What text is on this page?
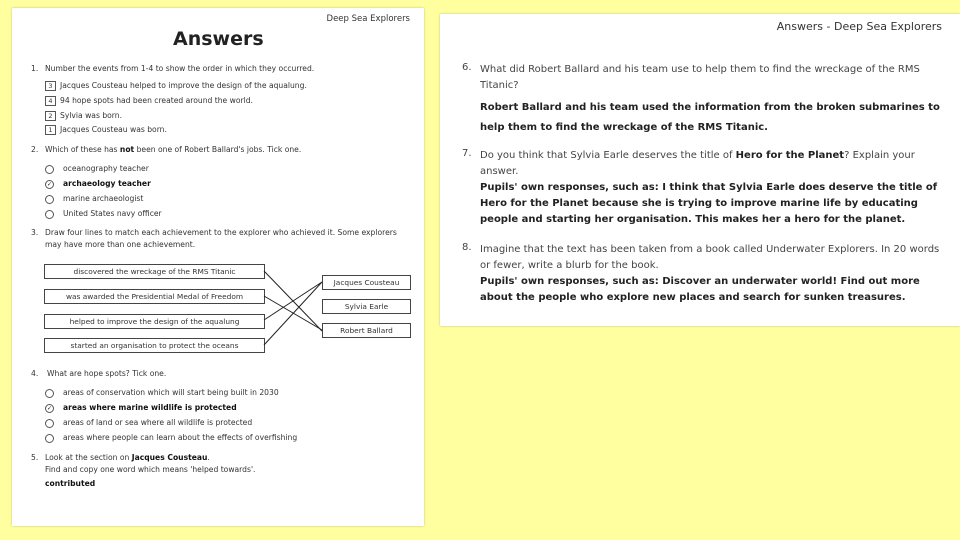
Deep Sea Explorers
Answers
1. Number the events from 1-4 to show the order in which they occurred.
3 Jacques Cousteau helped to improve the design of the aqualung.
4 94 hope spots had been created around the world.
2 Sylvia was born.
1 Jacques Cousteau was born.
2. Which of these has not been one of Robert Ballard's jobs. Tick one.
oceanography teacher
✓ archaeology teacher
marine archaeologist
United States navy officer
3. Draw four lines to match each achievement to the explorer who achieved it. Some explorers
may have more than one achievement.
discovered the wreckage of the RMS Titanic
was awarded the Presidential Medal of Freedom
helped to improve the design of the aqualung
started an organisation to protect the oceans
Jacques Cousteau
Sylvia Earle
Robert Ballard
4. What are hope spots? Tick one.
areas of conservation which will start being built in 2030
✓ areas where marine wildlife is protected
areas of land or sea where all wildlife is protected
areas where people can learn about the effects of overfishing
5. Look at the section on Jacques Cousteau.
Find and copy one word which means 'helped towards'.
contributed
Answers - Deep Sea Explorers
6. What did Robert Ballard and his team use to help them to find the wreckage of the RMS Titanic?
Robert Ballard and his team used the information from the broken submarines to help them to find the wreckage of the RMS Titanic.
7. Do you think that Sylvia Earle deserves the title of Hero for the Planet? Explain your answer.
Pupils' own responses, such as: I think that Sylvia Earle does deserve the title of Hero for the Planet because she is trying to improve marine life by educating people and starting her organisation. This makes her a hero for the planet.
8. Imagine that the text has been taken from a book called Underwater Explorers. In 20 words or fewer, write a blurb for the book.
Pupils' own responses, such as: Discover an underwater world! Find out more about the people who explore new places and search for sunken treasures.
